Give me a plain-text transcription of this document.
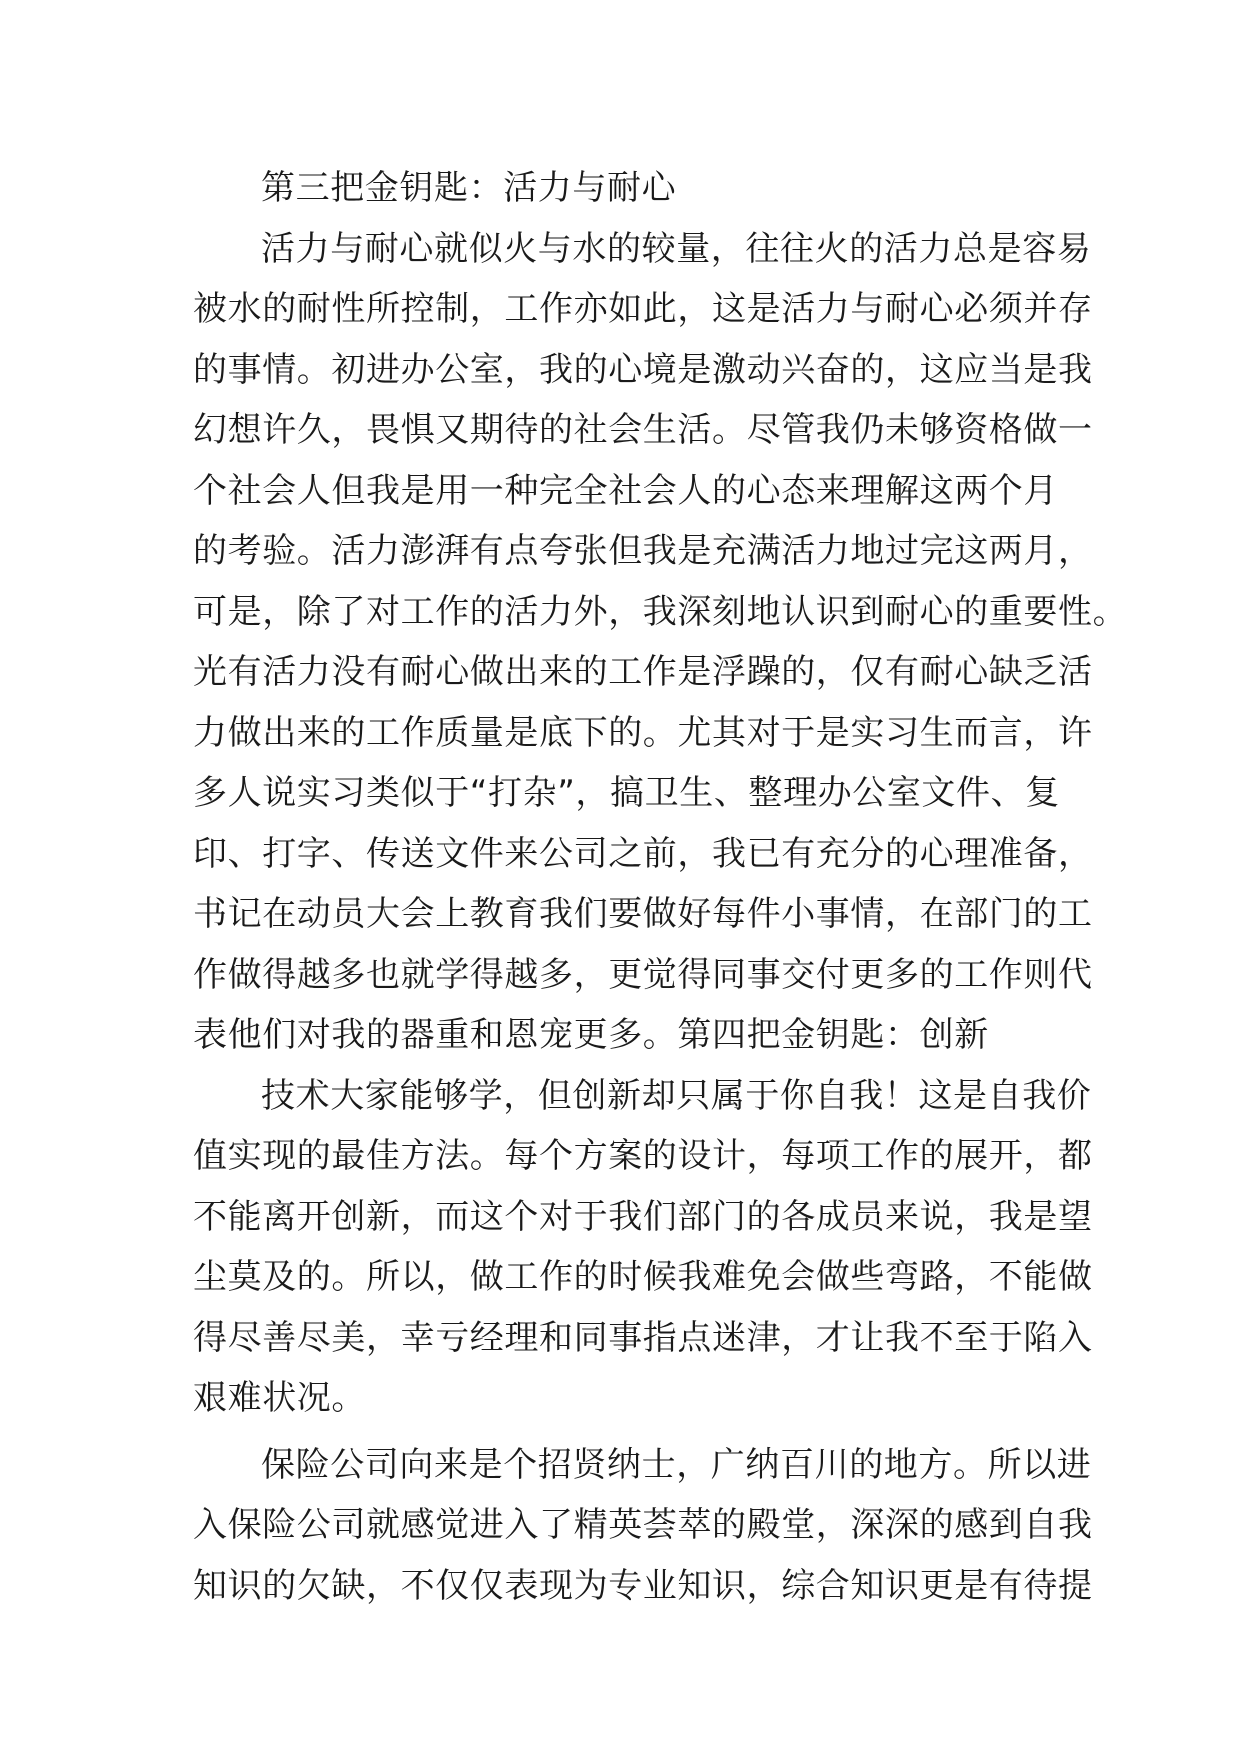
第三把金钥匙：活力与耐心
活力与耐心就似火与水的较量，往往火的活力总是容易
被水的耐性所控制，工作亦如此，这是活力与耐心必须并存
的事情。初进办公室，我的心境是激动兴奋的，这应当是我
幻想许久，畏惧又期待的社会生活。尽管我仍未够资格做一
个社会人但我是用一种完全社会人的心态来理解这两个月
的考验。活力澎湃有点夸张但我是充满活力地过完这两月，
可是，除了对工作的活力外，我深刻地认识到耐心的重要性。
光有活力没有耐心做出来的工作是浮躁的，仅有耐心缺乏活
力做出来的工作质量是底下的。尤其对于是实习生而言，许
多人说实习类似于“打杂”，搞卫生、整理办公室文件、复
印、打字、传送文件来公司之前，我已有充分的心理准备，
书记在动员大会上教育我们要做好每件小事情，在部门的工
作做得越多也就学得越多，更觉得同事交付更多的工作则代
表他们对我的器重和恩宠更多。第四把金钥匙：创新
技术大家能够学，但创新却只属于你自我！这是自我价
值实现的最佳方法。每个方案的设计，每项工作的展开，都
不能离开创新，而这个对于我们部门的各成员来说，我是望
尘莫及的。所以，做工作的时候我难免会做些弯路，不能做
得尽善尽美，幸亏经理和同事指点迷津，才让我不至于陷入
艰难状况。
保险公司向来是个招贤纳士，广纳百川的地方。所以进
入保险公司就感觉进入了精英荟萃的殿堂，深深的感到自我
知识的欠缺，不仅仅表现为专业知识，综合知识更是有待提
